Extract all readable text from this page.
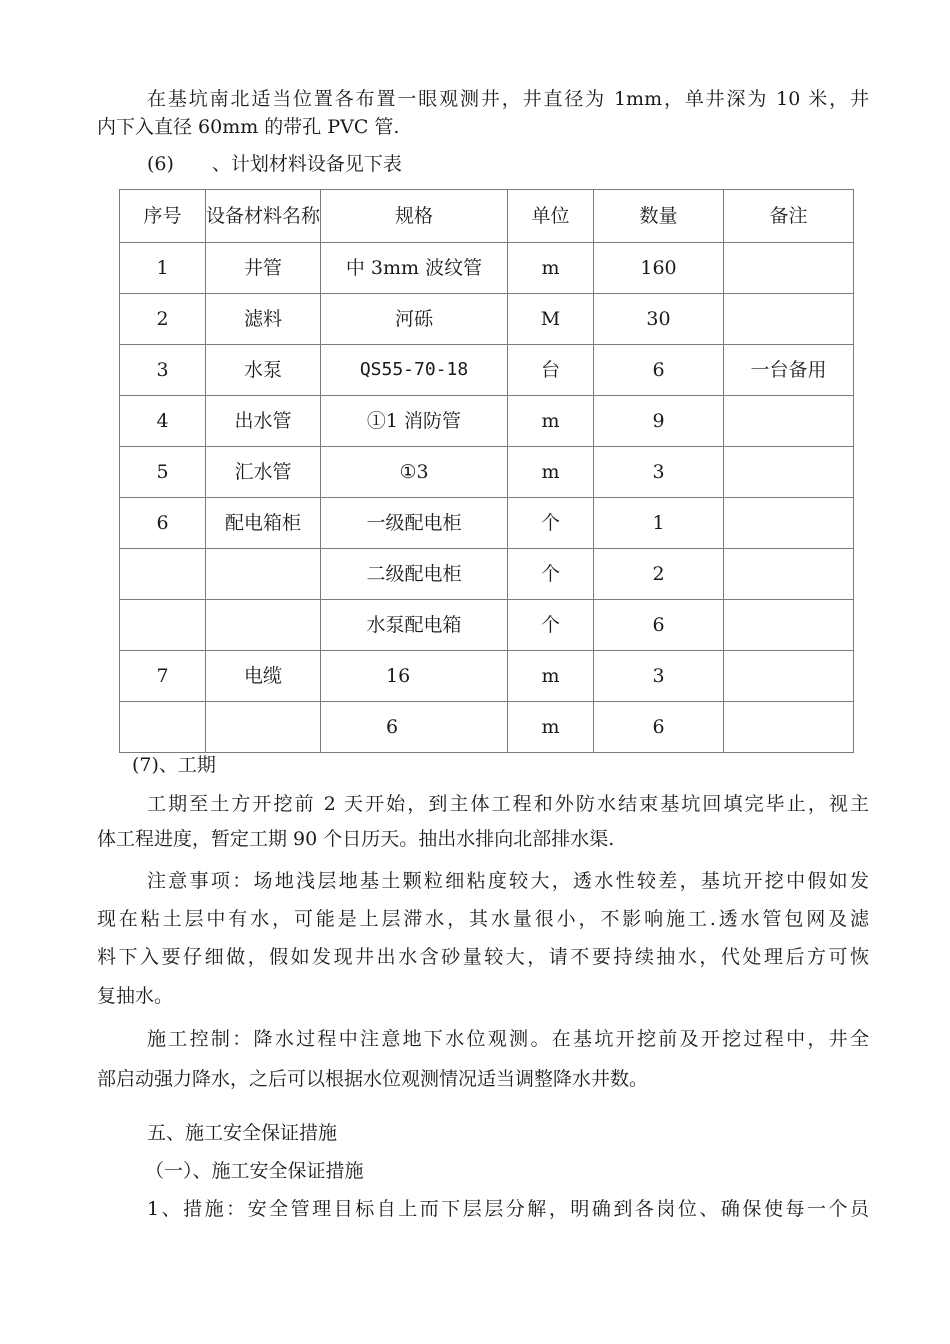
在基坑南北适当位置各布置一眼观测井，井直径为 1mm，单井深为 10 米，井
内下入直径 60mm 的带孔 PVC 管.
(6)　　、计划材料设备见下表
序号	设备材料名称	规格	单位	数量	备注
1	井管	中 3mm 波纹管	m	160	
2	滤料	河砾	M	30	
3	水泵	QS55-70-18	台	6	一台备用
4	出水管	①1 消防管	m	9	
5	汇水管	①3	m	3	
6	配电箱柜	一级配电柜	个	1	
		二级配电柜	个	2	
		水泵配电箱	个	6	
7	电缆	16	m	3	
		6	m	6	
(7)、工期
工期至土方开挖前 2 天开始，到主体工程和外防水结束基坑回填完毕止，视主
体工程进度，暂定工期 90 个日历天。抽出水排向北部排水渠.
注意事项：场地浅层地基土颗粒细粘度较大，透水性较差，基坑开挖中假如发
现在粘土层中有水，可能是上层滞水，其水量很小，不影响施工.透水管包网及滤
料下入要仔细做，假如发现井出水含砂量较大，请不要持续抽水，代处理后方可恢
复抽水。
施工控制：降水过程中注意地下水位观测。在基坑开挖前及开挖过程中，井全
部启动强力降水，之后可以根据水位观测情况适当调整降水井数。
五、施工安全保证措施
（一）、施工安全保证措施
1、措施：安全管理目标自上而下层层分解，明确到各岗位、确保使每一个员
